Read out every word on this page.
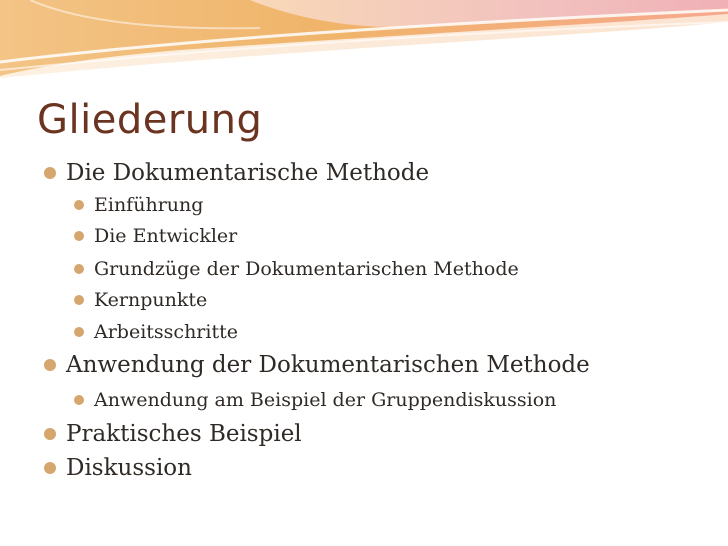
Gliederung
Die Dokumentarische Methode
Einführung
Die Entwickler
Grundzüge der Dokumentarischen Methode
Kernpunkte
Arbeitsschritte
Anwendung der Dokumentarischen Methode
Anwendung am Beispiel der Gruppendiskussion
Praktisches Beispiel
Diskussion
